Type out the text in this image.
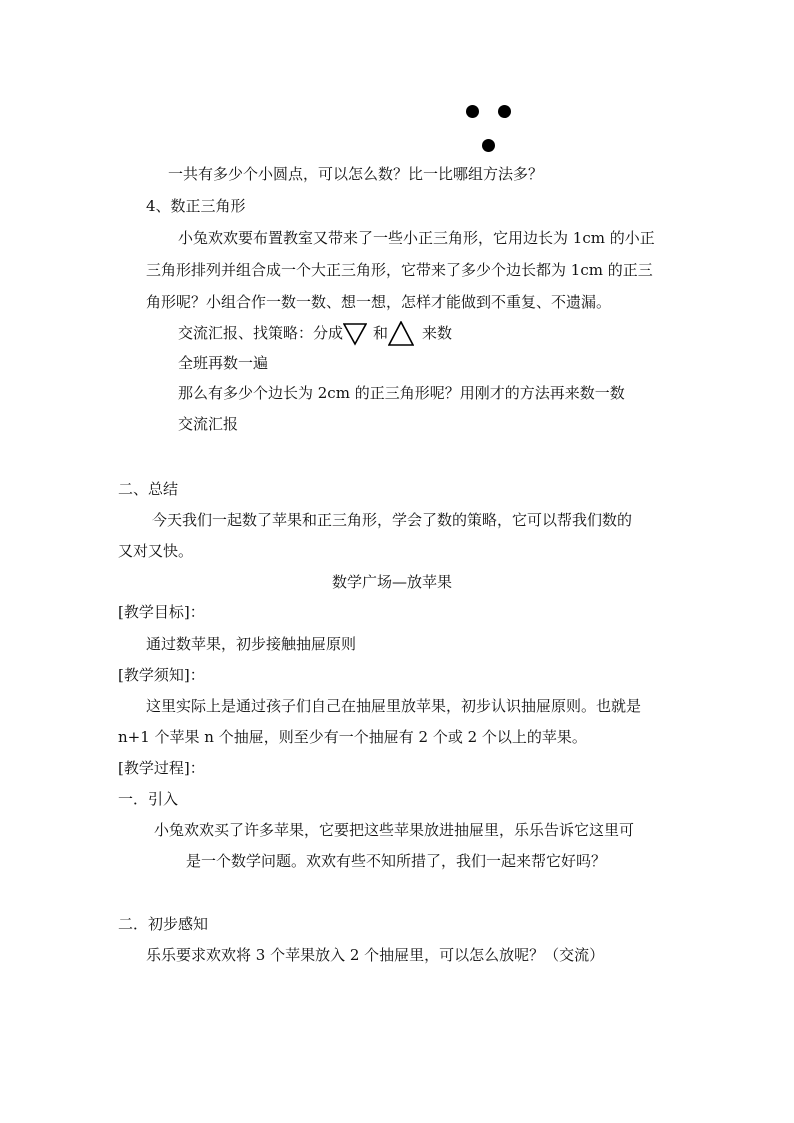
一共有多少个小圆点，可以怎么数？比一比哪组方法多？
4、数正三角形
小兔欢欢要布置教室又带来了一些小正三角形，它用边长为 1cm 的小正
三角形排列并组合成一个大正三角形，它带来了多少个边长都为 1cm 的正三
角形呢？小组合作一数一数、想一想，怎样才能做到不重复、不遗漏。
交流汇报、找策略：分成 和 来数
全班再数一遍
那么有多少个边长为 2cm 的正三角形呢？用刚才的方法再来数一数
交流汇报
二、总结
今天我们一起数了苹果和正三角形，学会了数的策略，它可以帮我们数的
又对又快。
数学广场—放苹果
[教学目标]：
通过数苹果，初步接触抽屉原则
[教学须知]：
这里实际上是通过孩子们自己在抽屉里放苹果，初步认识抽屉原则。也就是
n+1 个苹果 n 个抽屉，则至少有一个抽屉有 2 个或 2 个以上的苹果。
[教学过程]：
一．引入
小兔欢欢买了许多苹果，它要把这些苹果放进抽屉里，乐乐告诉它这里可
是一个数学问题。欢欢有些不知所措了，我们一起来帮它好吗？
二．初步感知
乐乐要求欢欢将 3 个苹果放入 2 个抽屉里，可以怎么放呢？（交流）
